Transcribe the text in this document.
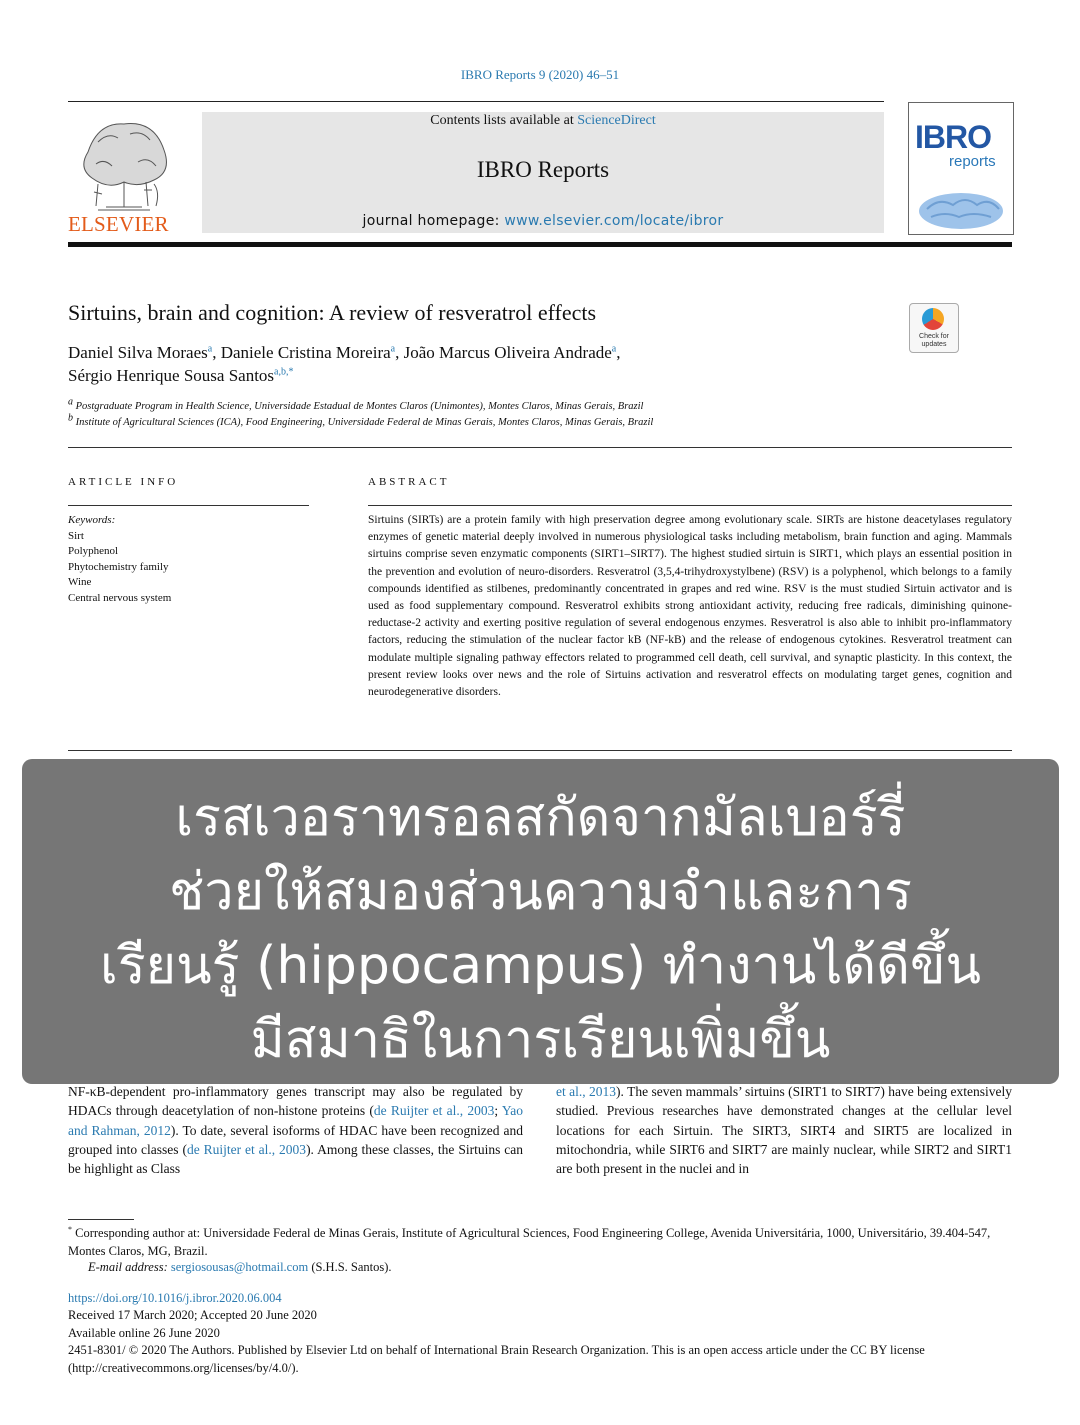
IBRO Reports 9 (2020) 46–51
ELSEVIER
Contents lists available at ScienceDirect
IBRO Reports
journal homepage: www.elsevier.com/locate/ibror
IBRO
reports
Sirtuins, brain and cognition: A review of resveratrol effects
Check for updates
Daniel Silva Moraes$^a$, Daniele Cristina Moreira$^a$, João Marcus Oliveira Andrade$^a$,
Sérgio Henrique Sousa Santos$^{a,b,*}$
$^a$ Postgraduate Program in Health Science, Universidade Estadual de Montes Claros (Unimontes), Montes Claros, Minas Gerais, Brazil
$^b$ Institute of Agricultural Sciences (ICA), Food Engineering, Universidade Federal de Minas Gerais, Montes Claros, Minas Gerais, Brazil
ARTICLE INFO	ABSTRACT
Keywords:
Sirt
Polyphenol
Phytochemistry family
Wine
Central nervous system
Sirtuins (SIRTs) are a protein family with high preservation degree among evolutionary scale. SIRTs are histone deacetylases regulatory enzymes of genetic material deeply involved in numerous physiological tasks including metabolism, brain function and aging. Mammals sirtuins comprise seven enzymatic components (SIRT1–SIRT7). The highest studied sirtuin is SIRT1, which plays an essential position in the prevention and evolution of neuro-disorders. Resveratrol (3,5,4-trihydroxystylbene) (RSV) is a polyphenol, which belongs to a family compounds identified as stilbenes, predominantly concentrated in grapes and red wine. RSV is the must studied Sirtuin activator and is used as food supplementary compound. Resveratrol exhibits strong antioxidant activity, reducing free radicals, diminishing quinone-reductase-2 activity and exerting positive regulation of several endogenous enzymes. Resveratrol is also able to inhibit pro-inflammatory factors, reducing the stimulation of the nuclear factor kB (NF-kB) and the release of endogenous cytokines. Resveratrol treatment can modulate multiple signaling pathway effectors related to programmed cell death, cell survival, and synaptic plasticity. In this context, the present review looks over news and the role of Sirtuins activation and resveratrol effects on modulating target genes, cognition and neurodegenerative disorders.
NF-κB-dependent pro-inflammatory genes transcript may also be regulated by HDACs through deacetylation of non-histone proteins (de Ruijter et al., 2003; Yao and Rahman, 2012). To date, several isoforms of HDAC have been recognized and grouped into classes (de Ruijter et al., 2003). Among these classes, the Sirtuins can be highlight as Class
et al., 2013). The seven mammals’ sirtuins (SIRT1 to SIRT7) have being extensively studied. Previous researches have demonstrated changes at the cellular level locations for each Sirtuin. The SIRT3, SIRT4 and SIRT5 are localized in mitochondria, while SIRT6 and SIRT7 are mainly nuclear, while SIRT2 and SIRT1 are both present in the nuclei and in
เรสเวอราทรอลสกัดจากมัลเบอร์รี่
ช่วยให้สมองส่วนความจำและการ
เรียนรู้ (hippocampus) ทำงานได้ดีขึ้น
มีสมาธิในการเรียนเพิ่มขึ้น
* Corresponding author at: Universidade Federal de Minas Gerais, Institute of Agricultural Sciences, Food Engineering College, Avenida Universitária, 1000, Universitário, 39.404-547, Montes Claros, MG, Brazil.
E-mail address: sergiosousas@hotmail.com (S.H.S. Santos).
https://doi.org/10.1016/j.ibror.2020.06.004
Received 17 March 2020; Accepted 20 June 2020
Available online 26 June 2020
2451-8301/ © 2020 The Authors. Published by Elsevier Ltd on behalf of International Brain Research Organization. This is an open access article under the CC BY license (http://creativecommons.org/licenses/by/4.0/).
